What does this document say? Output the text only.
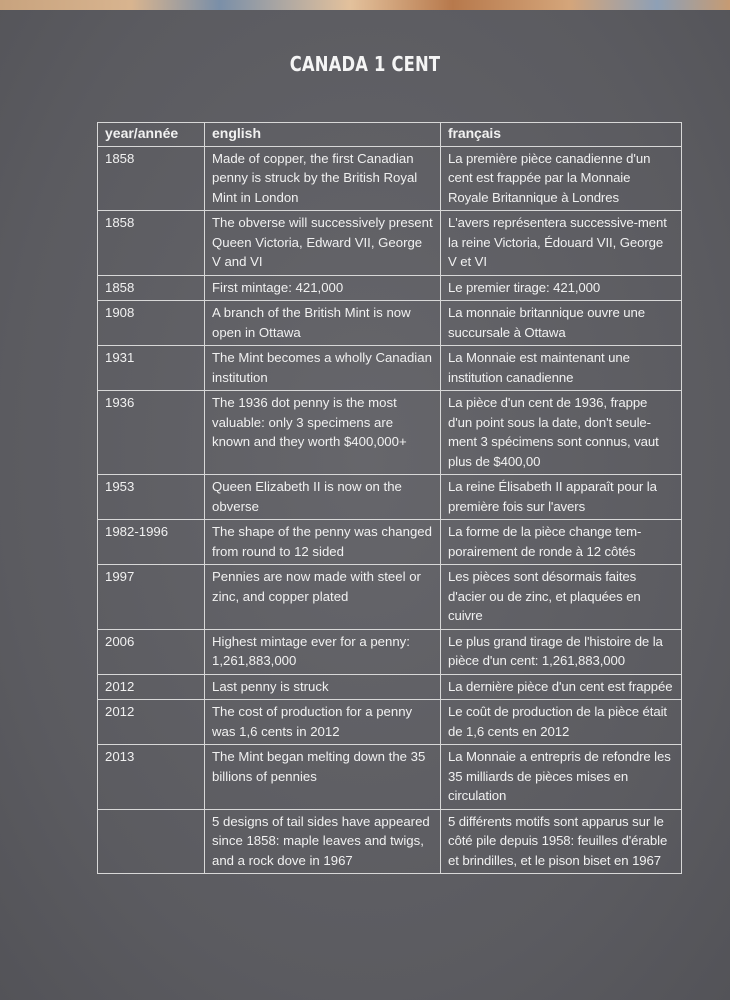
CANADA 1 CENT
year/année	english	français
1858	Made of copper, the first Canadian penny is struck by the British Royal Mint in London	La première pièce canadienne d'un cent est frappée par la Monnaie Royale Britannique à Londres
1858	The obverse will successively present Queen Victoria, Edward VII, George V and VI	L'avers représentera successive-ment la reine Victoria, Édouard VII, George V et VI
1858	First mintage: 421,000	Le premier tirage: 421,000
1908	A branch of the British Mint is now open in Ottawa	La monnaie britannique ouvre une succursale à Ottawa
1931	The Mint becomes a wholly Canadian institution	La Monnaie est maintenant une institution canadienne
1936	The 1936 dot penny is the most valuable: only 3 specimens are known and they worth $400,000+	La pièce d'un cent de 1936, frappe d'un point sous la date, don't seule-ment 3 spécimens sont connus, vaut plus de $400,00
1953	Queen Elizabeth II is now on the obverse	La reine Élisabeth II apparaît pour la première fois sur l'avers
1982-1996	The shape of the penny was changed from round to 12 sided	La forme de la pièce change tem-porairement de ronde à 12 côtés
1997	Pennies are now made with steel or zinc, and copper plated	Les pièces sont désormais faites d'acier ou de zinc, et plaquées en cuivre
2006	Highest mintage ever for a penny: 1,261,883,000	Le plus grand tirage de l'histoire de la pièce d'un cent: 1,261,883,000
2012	Last penny is struck	La dernière pièce d'un cent est frappée
2012	The cost of production for a penny was 1,6 cents in 2012	Le coût de production de la pièce était de 1,6 cents en 2012
2013	The Mint began melting down the 35 billions of pennies	La Monnaie a entrepris de refondre les 35 milliards de pièces mises en circulation
	5 designs of tail sides have appeared since 1858: maple leaves and twigs, and a rock dove in 1967	5 différents motifs sont apparus sur le côté pile depuis 1958: feuilles d'érable et brindilles, et le pison biset en 1967
